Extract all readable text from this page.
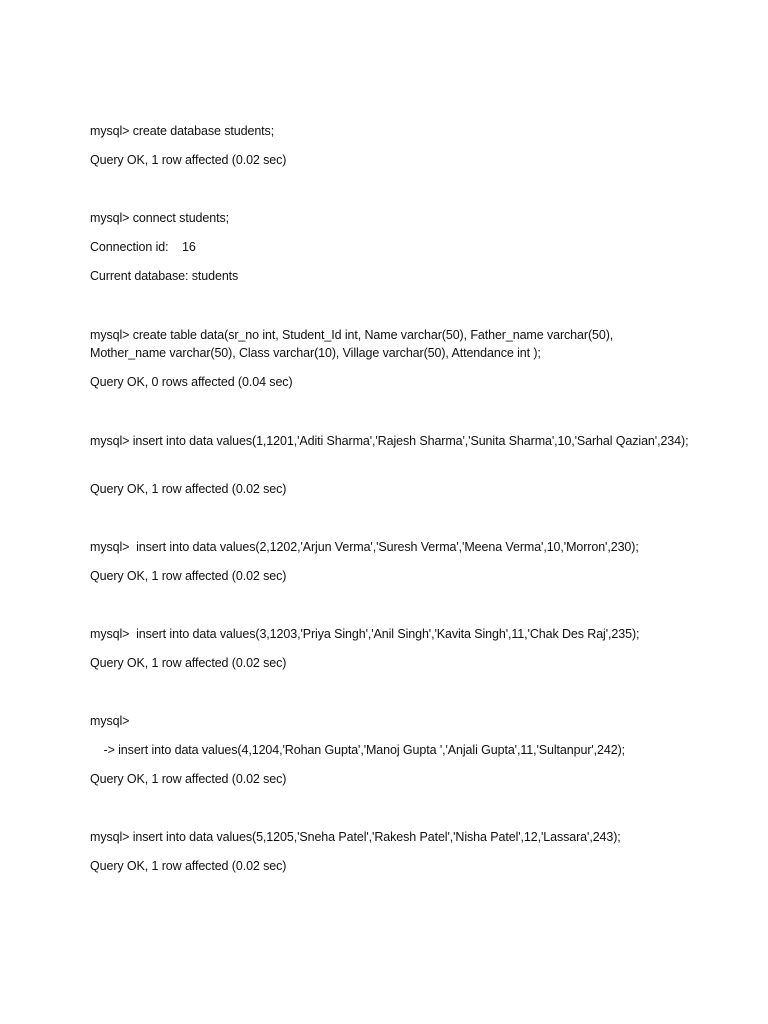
mysql> create database students;
Query OK, 1 row affected (0.02 sec)
mysql> connect students;
Connection id:    16
Current database: students
mysql> create table data(sr_no int, Student_Id int, Name varchar(50), Father_name varchar(50), Mother_name varchar(50), Class varchar(10), Village varchar(50), Attendance int );
Query OK, 0 rows affected (0.04 sec)
mysql> insert into data values(1,1201,'Aditi Sharma','Rajesh Sharma','Sunita Sharma',10,'Sarhal Qazian',234);
Query OK, 1 row affected (0.02 sec)
mysql>  insert into data values(2,1202,'Arjun Verma','Suresh Verma','Meena Verma',10,'Morron',230);
Query OK, 1 row affected (0.02 sec)
mysql>  insert into data values(3,1203,'Priya Singh','Anil Singh','Kavita Singh',11,'Chak Des Raj',235);
Query OK, 1 row affected (0.02 sec)
mysql>
-> insert into data values(4,1204,'Rohan Gupta','Manoj Gupta ','Anjali Gupta',11,'Sultanpur',242);
Query OK, 1 row affected (0.02 sec)
mysql> insert into data values(5,1205,'Sneha Patel','Rakesh Patel','Nisha Patel',12,'Lassara',243);
Query OK, 1 row affected (0.02 sec)
